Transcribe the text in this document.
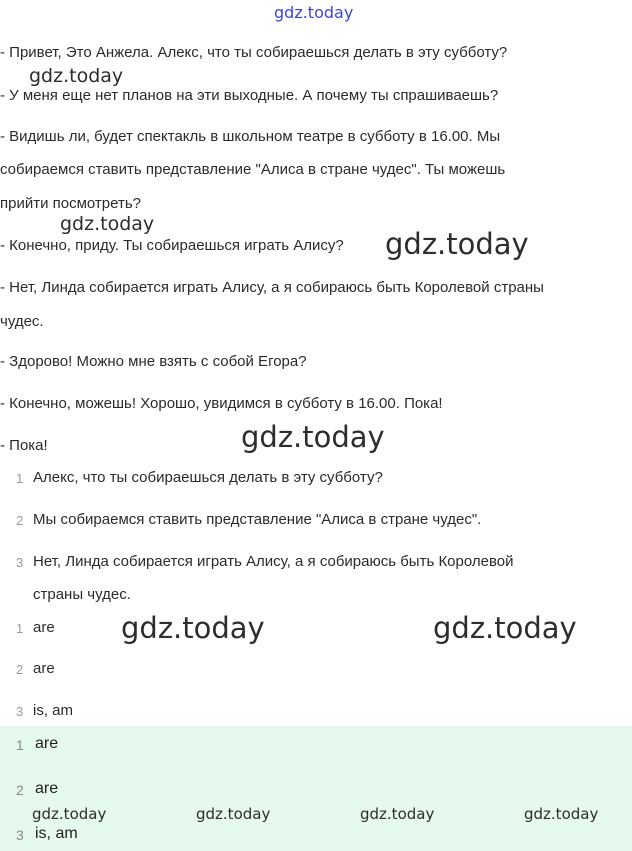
gdz.today
- Привет, Это Анжела. Алекс, что ты собираешься делать в эту субботу?
gdz.today
- У меня еще нет планов на эти выходные. А почему ты спрашиваешь?
- Видишь ли, будет спектакль в школьном театре в субботу в 16.00. Мы
собираемся ставить представление "Алиса в стране чудес". Ты можешь
прийти посмотреть?
gdz.today
- Конечно, приду. Ты собираешься играть Алису? gdz.today
- Нет, Линда собирается играть Алису, а я собираюсь быть Королевой страны
чудес.
- Здорово! Можно мне взять с собой Егора?
- Конечно, можешь! Хорошо, увидимся в субботу в 16.00. Пока!
- Пока!	gdz.today
1 Алекс, что ты собираешься делать в эту субботу?
2 Мы собираемся ставить представление "Алиса в стране чудес".
3 Нет, Линда собирается играть Алису, а я собираюсь быть Королевой
страны чудес.
1 are gdz.today	gdz.today
2 are
3 is, am
1 are
2 are
gdz.today	gdz.today	gdz.today	gdz.today
3 is, am
